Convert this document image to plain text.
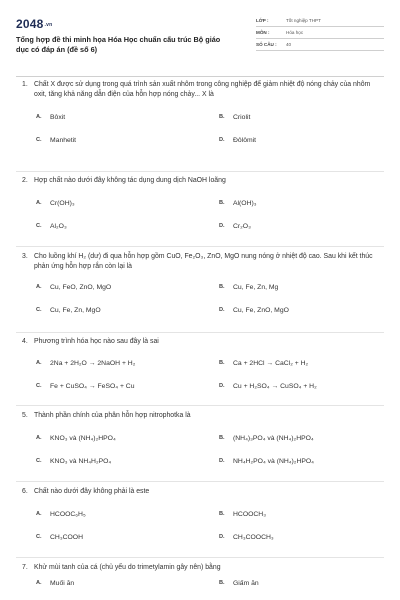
2048.vn
Tổng hợp đề thi minh họa Hóa Học chuẩn cấu trúc Bộ giáo dục có đáp án (đề số 6)
LỚP :	Tốt nghiệp THPT
MÔN :	Hóa học
SỐ CÂU :	40
1. Chất X được sử dụng trong quá trình sản xuất nhôm trong công nghiệp để giảm nhiệt độ nóng chảy của nhôm oxit, tăng khả năng dẫn điện của hỗn hợp nóng chảy... X là
A.	Bôxit	B.	Criolit
C.	Manhetit	D.	Đôlômit
2. Hợp chất nào dưới đây không tác dụng dung dịch NaOH loãng
A.	Cr(OH)₃	B.	Al(OH)₃
C.	Al₂O₃	D.	Cr₂O₃
3. Cho luồng khí H₂ (dư) đi qua hỗn hợp gồm CuO, Fe₂O₃, ZnO, MgO nung nóng ở nhiệt độ cao. Sau khi kết thúc phản ứng hỗn hợp rắn còn lại là
A.	Cu, FeO, ZnO, MgO	B.	Cu, Fe, Zn, Mg
C.	Cu, Fe, Zn, MgO	D.	Cu, Fe, ZnO, MgO
4. Phương trình hóa học nào sau đây là sai
A.	2Na + 2H₂O → 2NaOH + H₂	B.	Ca + 2HCl → CaCl₂ + H₂
C.	Fe + CuSO₄ → FeSO₄ + Cu	D.	Cu + H₂SO₄ → CuSO₄ + H₂
5. Thành phần chính của phân hỗn hợp nitrophotka là
A.	KNO₃ và (NH₄)₂HPO₄	B.	(NH₄)₃PO₄ và (NH₄)₂HPO₄
C.	KNO₃ và NH₄H₂PO₄	D.	NH₄H₂PO₄ và (NH₄)₂HPO₄
6. Chất nào dưới đây không phải là este
A.	HCOOC₆H₅	B.	HCOOCH₃
C.	CH₃COOH	D.	CH₃COOCH₃
7. Khử mùi tanh của cá (chủ yếu do trimetylamin gây nên) bằng
A.	Muối ăn	B.	Giấm ăn
